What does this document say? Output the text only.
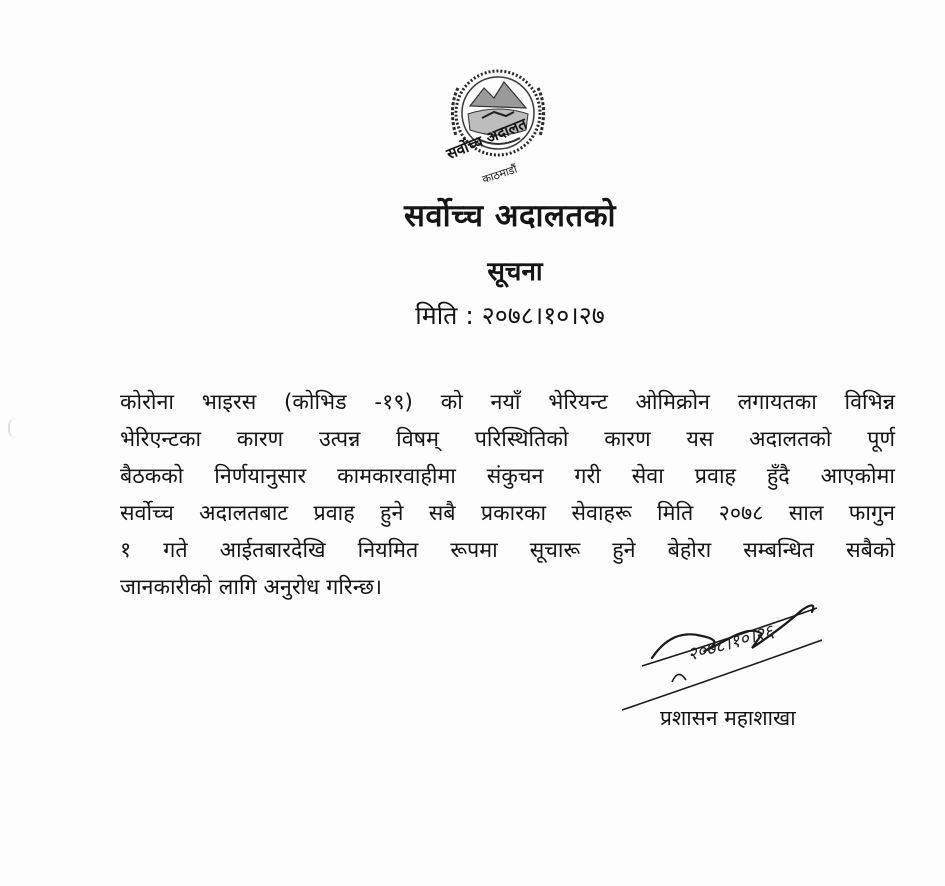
सर्वोच्च अदालत
काठमाडौं
सर्वोच्च अदालतको
सूचना
मिति : २०७८।१०।२७
कोरोना भाइरस (कोभिड -१९) को नयाँ भेरियन्ट ओमिक्रोन लगायतका विभिन्न
भेरिएन्टका कारण उत्पन्न विषम् परिस्थितिको कारण यस अदालतको पूर्ण
बैठकको निर्णयानुसार कामकारवाहीमा संकुचन गरी सेवा प्रवाह हुँदै आएकोमा
सर्वोच्च अदालतबाट प्रवाह हुने सबै प्रकारका सेवाहरू मिति २०७८ साल फागुन
१ गते आईतबारदेखि नियमित रूपमा सूचारू हुने बेहोरा सम्बन्धित सबैको
जानकारीको लागि अनुरोध गरिन्छ।
२०७८।१०।२६
प्रशासन महाशाखा
